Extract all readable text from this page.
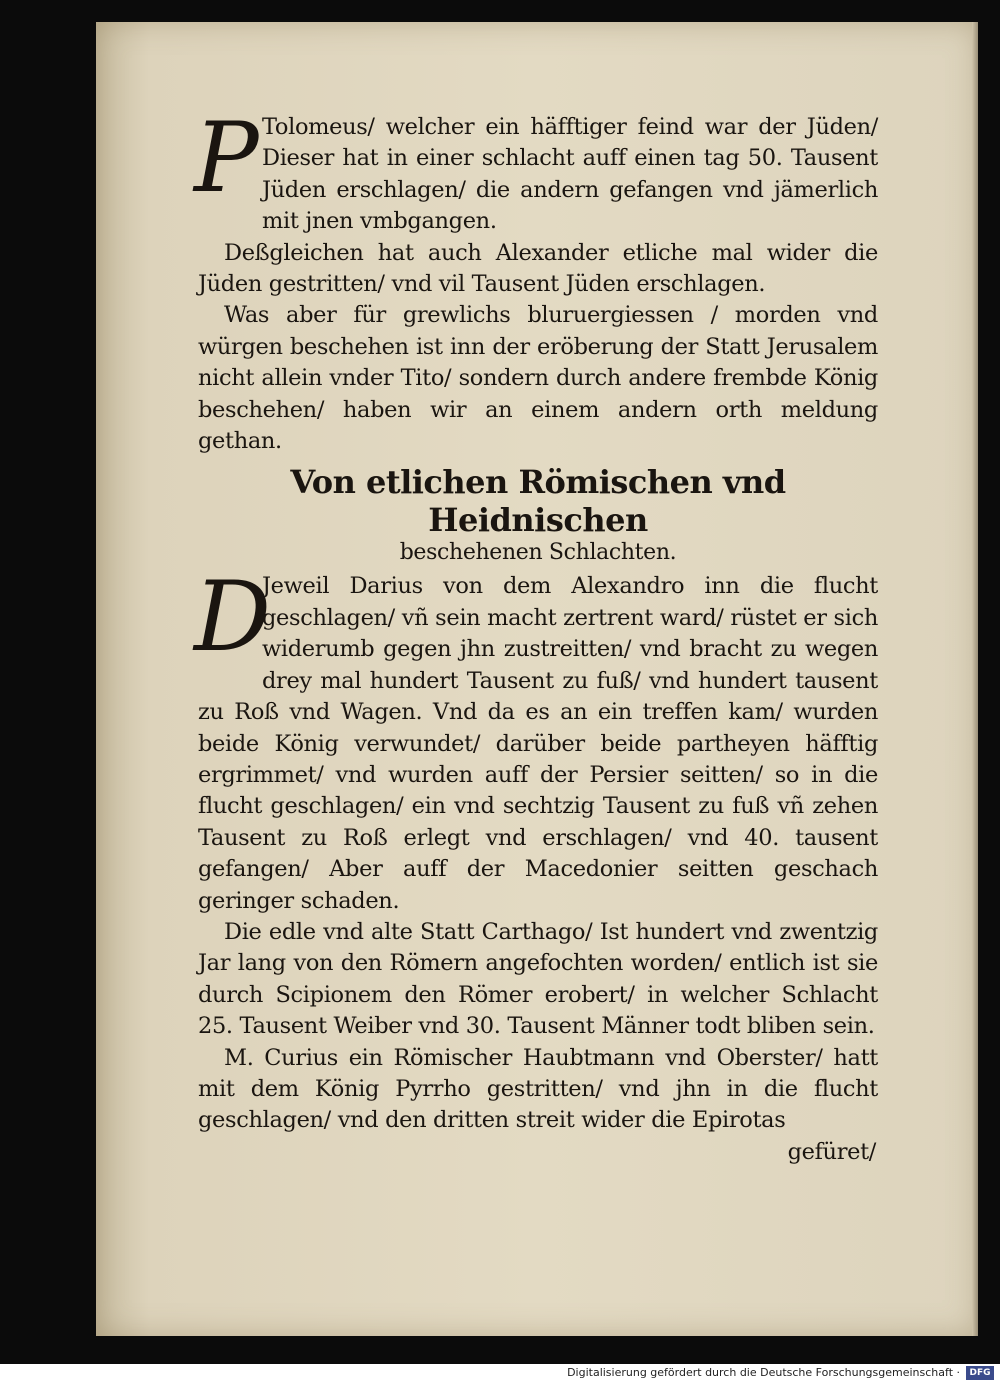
P Tolomeus/ welcher ein häfftiger feind war der Jüden/ Dieser hat in einer schlacht auff einen tag 50. Tausent Jüden erschlagen/ die andern gefangen vnd jämerlich mit jnen vmbgangen.

Deßgleichen hat auch Alexander etliche mal wider die Jüden gestritten/ vnd vil Tausent Jüden erschlagen.

Was aber für grewlichs bluruergiessen / morden vnd würgen beschehen ist inn der eröberung der Statt Jerusalem nicht allein vnder Tito/ sondern durch andere frembde König beschehen/ haben wir an einem andern orth meldung gethan.

Von etlichen Römischen vnd Heidnischen
beschehenen Schlachten.

D
Jeweil Darius von dem Alexandro inn die flucht geschlagen/ vñ sein macht zertrent ward/ rüstet er sich widerumb gegen jhn zustreitten/ vnd bracht zu wegen drey mal hundert Tausent zu fuß/ vnd hundert tausent zu Roß vnd Wagen. Vnd da es an ein treffen kam/ wurden beide König verwundet/ darüber beide partheyen häfftig ergrimmet/ vnd wurden auff der Persier seitten/ so in die flucht geschlagen/ ein vnd sechtzig Tausent zu fuß vñ zehen Tausent zu Roß erlegt vnd erschlagen/ vnd 40. tausent gefangen/ Aber auff der Macedonier seitten geschach geringer schaden.

Die edle vnd alte Statt Carthago/ Ist hundert vnd zwentzig Jar lang von den Römern angefochten worden/ entlich ist sie durch Scipionem den Römer erobert/ in welcher Schlacht 25. Tausent Weiber vnd 30. Tausent Männer todt bliben sein.

M. Curius ein Römischer Haubtmann vnd Oberster/ hatt mit dem König Pyrrho gestritten/ vnd jhn in die flucht geschlagen/ vnd den dritten streit wider die Epirotas

gefüret/

Digitalisierung gefördert durch die Deutsche Forschungsgemeinschaft ·	DFG
